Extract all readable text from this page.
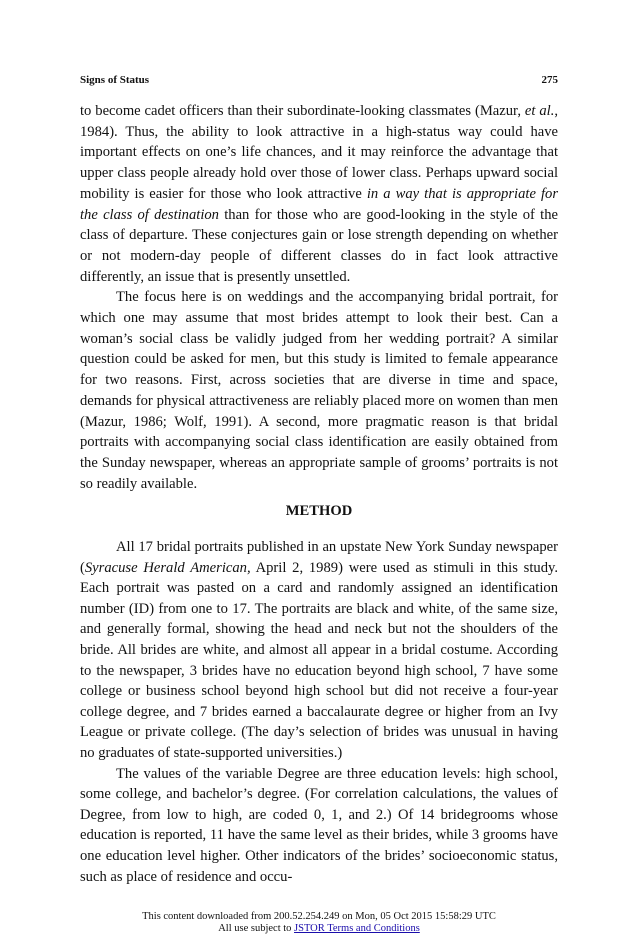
Signs of Status	275

to become cadet officers than their subordinate-looking classmates (Mazur, et al., 1984). Thus, the ability to look attractive in a high-status way could have important effects on one’s life chances, and it may reinforce the advantage that upper class people already hold over those of lower class. Perhaps upward social mobility is easier for those who look attractive in a way that is appropriate for the class of destination than for those who are good-looking in the style of the class of departure. These conjectures gain or lose strength depending on whether or not modern-day people of different classes do in fact look attractive differently, an issue that is presently unsettled.

The focus here is on weddings and the accompanying bridal portrait, for which one may assume that most brides attempt to look their best. Can a woman’s social class be validly judged from her wedding portrait? A similar question could be asked for men, but this study is limited to female appearance for two reasons. First, across societies that are diverse in time and space, demands for physical attractiveness are reliably placed more on women than men (Mazur, 1986; Wolf, 1991). A second, more pragmatic reason is that bridal portraits with accompanying social class identification are easily obtained from the Sunday newspaper, whereas an appropriate sample of grooms’ portraits is not so readily available.

METHOD

All 17 bridal portraits published in an upstate New York Sunday newspaper (Syracuse Herald American, April 2, 1989) were used as stimuli in this study. Each portrait was pasted on a card and randomly assigned an identification number (ID) from one to 17. The portraits are black and white, of the same size, and generally formal, showing the head and neck but not the shoulders of the bride. All brides are white, and almost all appear in a bridal costume. According to the newspaper, 3 brides have no education beyond high school, 7 have some college or business school beyond high school but did not receive a four-year college degree, and 7 brides earned a baccalaurate degree or higher from an Ivy League or private college. (The day’s selection of brides was unusual in having no graduates of state-supported universities.)

The values of the variable Degree are three education levels: high school, some college, and bachelor’s degree. (For correlation calculations, the values of Degree, from low to high, are coded 0, 1, and 2.) Of 14 bridegrooms whose education is reported, 11 have the same level as their brides, while 3 grooms have one education level higher. Other indicators of the brides’ socioeconomic status, such as place of residence and occu-

This content downloaded from 200.52.254.249 on Mon, 05 Oct 2015 15:58:29 UTC
All use subject to JSTOR Terms and Conditions
